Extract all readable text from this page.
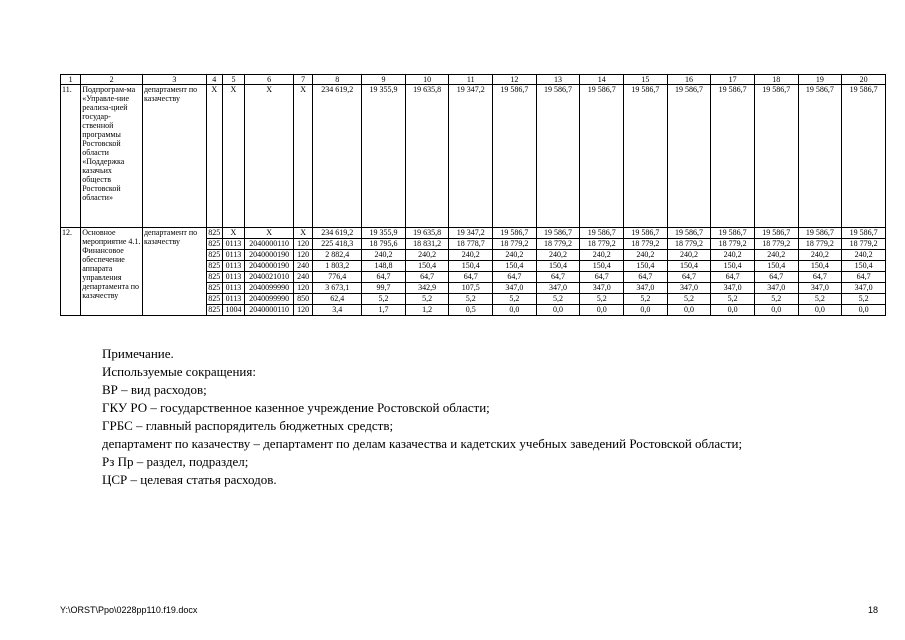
1	2	3	4	5	6	7	8	9	10	11	12	13	14	15	16	17	18	19	20
11.	Подпрограм-ма «Управле-ние реализа-цией государ-ственной программы Ростовской области «Поддержка казачьих обществ Ростовской области»	департамент по казачеству	Х	Х	Х	Х	234 619,2	19 355,9	19 635,8	19 347,2	19 586,7	19 586,7	19 586,7	19 586,7	19 586,7	19 586,7	19 586,7	19 586,7	19 586,7
12.	Основное мероприятие 4.1. Финансовое обеспечение аппарата управления департамента по казачеству	департамент по казачеству	825	Х	Х	Х	234 619,2	19 355,9	19 635,8	19 347,2	19 586,7	19 586,7	19 586,7	19 586,7	19 586,7	19 586,7	19 586,7	19 586,7	19 586,7
			825	0113	2040000110	120	225 418,3	18 795,6	18 831,2	18 778,7	18 779,2	18 779,2	18 779,2	18 779,2	18 779,2	18 779,2	18 779,2	18 779,2	18 779,2
			825	0113	2040000190	120	2 882,4	240,2	240,2	240,2	240,2	240,2	240,2	240,2	240,2	240,2	240,2	240,2	240,2
			825	0113	2040000190	240	1 803,2	148,8	150,4	150,4	150,4	150,4	150,4	150,4	150,4	150,4	150,4	150,4	150,4
			825	0113	2040021010	240	776,4	64,7	64,7	64,7	64,7	64,7	64,7	64,7	64,7	64,7	64,7	64,7	64,7
			825	0113	2040099990	120	3 673,1	99,7	342,9	107,5	347,0	347,0	347,0	347,0	347,0	347,0	347,0	347,0	347,0
			825	0113	2040099990	850	62,4	5,2	5,2	5,2	5,2	5,2	5,2	5,2	5,2	5,2	5,2	5,2	5,2
			825	1004	2040000110	120	3,4	1,7	1,2	0,5	0,0	0,0	0,0	0,0	0,0	0,0	0,0	0,0	0,0
Примечание.
Используемые сокращения:
ВР – вид расходов;
ГКУ РО – государственное казенное учреждение Ростовской области;
ГРБС – главный распорядитель бюджетных средств;
департамент по казачеству – департамент по делам казачества и кадетских учебных заведений Ростовской области;
Рз Пр – раздел, подраздел;
ЦСР – целевая статья расходов.
Y:\ORST\Ppo\0228pp110.f19.docx	18
